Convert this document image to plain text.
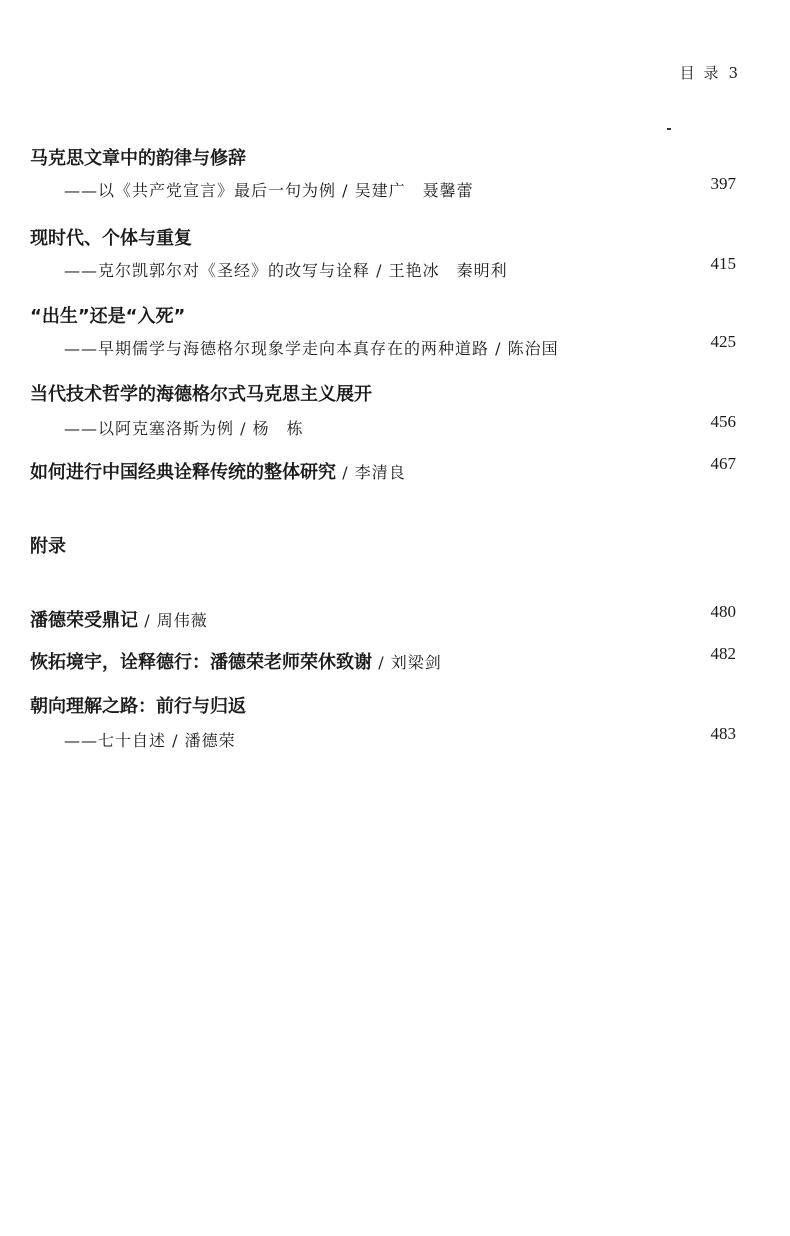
目 录 3
马克思文章中的韵律与修辞
——以《共产党宣言》最后一句为例 / 吴建广　聂馨蕾	397
现时代、个体与重复
——克尔凯郭尔对《圣经》的改写与诠释 / 王艳冰　秦明利	415
“出生”还是“入死”
——早期儒学与海德格尔现象学走向本真存在的两种道路 / 陈治国	425
当代技术哲学的海德格尔式马克思主义展开
——以阿克塞洛斯为例 / 杨　栋	456
如何进行中国经典诠释传统的整体研究 / 李清良	467
附录
潘德荣受鼎记 / 周伟薇	480
恢拓境宇，诠释德行：潘德荣老师荣休致谢 / 刘梁剑	482
朝向理解之路：前行与归返
——七十自述 / 潘德荣	483
